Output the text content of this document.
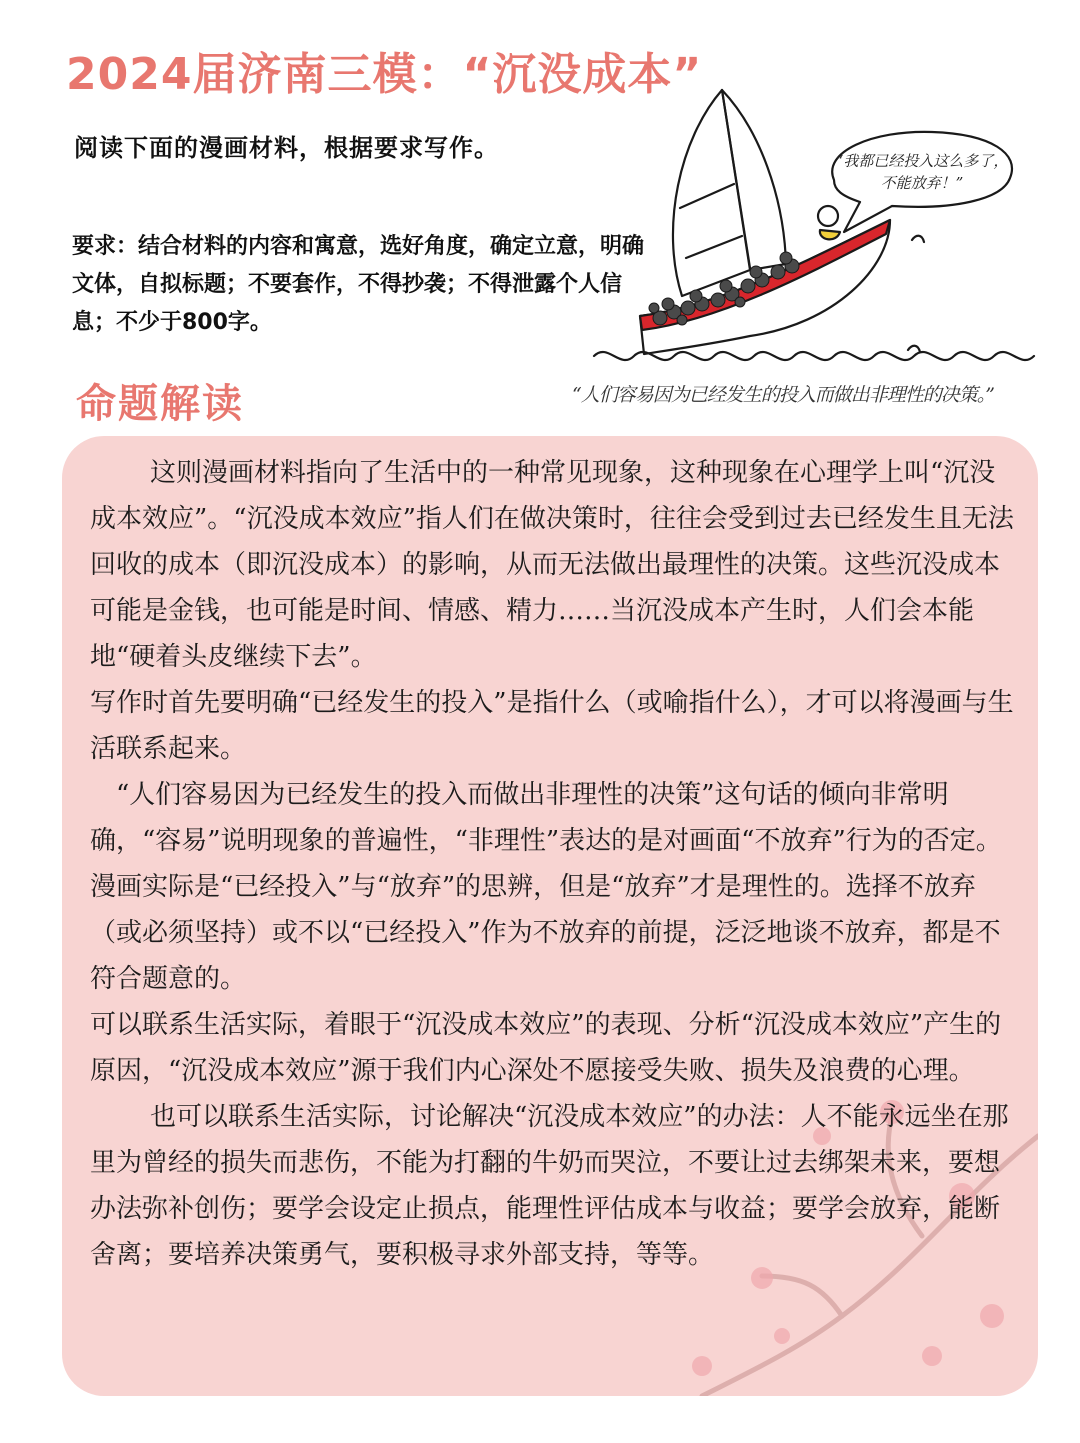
2024届济南三模：“沉没成本”

阅读下面的漫画材料，根据要求写作。

要求：结合材料的内容和寓意，选好角度，确定立意，明确文体，自拟标题；不要套作，不得抄袭；不得泄露个人信息；不少于800字。

“我都已经投入这么多了，
不能放弃！”
“人们容易因为已经发生的投入而做出非理性的决策。”
命题解读

这则漫画材料指向了生活中的一种常见现象，这种现象在心理学上叫“沉没成本效应”。“沉没成本效应”指人们在做决策时，往往会受到过去已经发生且无法回收的成本（即沉没成本）的影响，从而无法做出最理性的决策。这些沉没成本可能是金钱，也可能是时间、情感、精力……当沉没成本产生时，人们会本能地“硬着头皮继续下去”。

写作时首先要明确“已经发生的投入”是指什么（或喻指什么），才可以将漫画与生活联系起来。

“人们容易因为已经发生的投入而做出非理性的决策”这句话的倾向非常明确，“容易”说明现象的普遍性，“非理性”表达的是对画面“不放弃”行为的否定。漫画实际是“已经投入”与“放弃”的思辨，但是“放弃”才是理性的。选择不放弃（或必须坚持）或不以“已经投入”作为不放弃的前提，泛泛地谈不放弃，都是不符合题意的。

可以联系生活实际，着眼于“沉没成本效应”的表现、分析“沉没成本效应”产生的原因，“沉没成本效应”源于我们内心深处不愿接受失败、损失及浪费的心理。

也可以联系生活实际，讨论解决“沉没成本效应”的办法：人不能永远坐在那里为曾经的损失而悲伤，不能为打翻的牛奶而哭泣，不要让过去绑架未来，要想办法弥补创伤；要学会设定止损点，能理性评估成本与收益；要学会放弃，能断舍离；要培养决策勇气，要积极寻求外部支持，等等。
